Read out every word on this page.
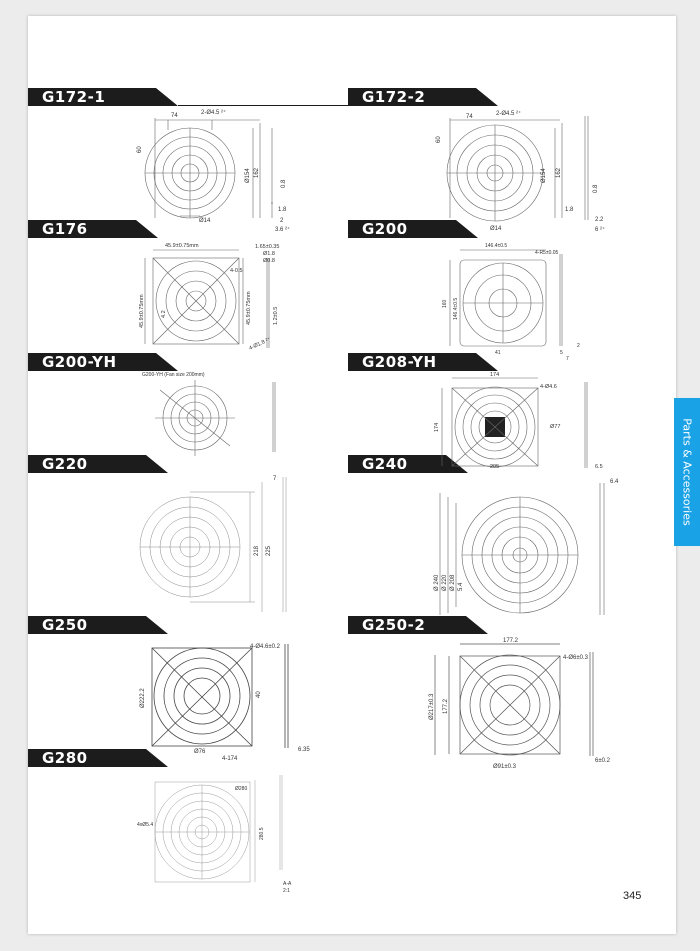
G172-1	G172-2
G176	G200
G200-YH	G208-YH
G220	G240
G250	G250-2
G280
74	2-Ø4.5 ²⁺
60
Ø154 162
0.8
1.8
Ø14	2
3.6 ²⁺
74	2-Ø4.5 ²⁺
60
Ø154 162
0.8
1.8
Ø14
2.2
6 ²⁺
45.9±0.75mm	1.65±0.35
Ø1.8
Ø0.8
4-0.5
45.9±0.75mm
45.9±0.75mm	4.2	1.2±0.5
4-Ø1.8 ²⁺
146.4±0.5
4-R5±0.05
160 146.4±0.5
41
2
5
7
G200-YH (Fan size 200mm)	174
4-Ø4.6
Ø77
174
205	6.5
7
218 225
6.4
Ø 240 Ø 220 Ø 208 5.4
4-Ø4.6±0.2
Ø222.2	40
Ø76
4-174
6.35
177.2
4-Ø6±0.3
Ø217±0.3 177.2
Ø91±0.3
6±0.2
Ø280
4xØ5.4
280.5
A-A
2:1
Parts & Accessories
345
